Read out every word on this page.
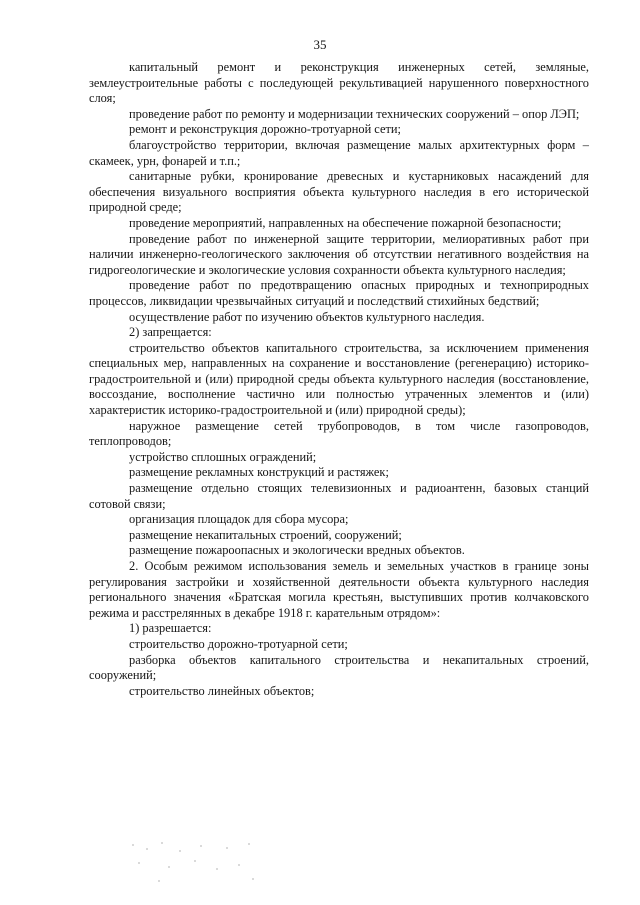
35

капитальный ремонт и реконструкция инженерных сетей, земляные, землеустроительные работы с последующей рекультивацией нарушенного поверхностного слоя;

проведение работ по ремонту и модернизации технических сооружений – опор ЛЭП;

ремонт и реконструкция дорожно-тротуарной сети;

благоустройство территории, включая размещение малых архитектурных форм – скамеек, урн, фонарей и т.п.;

санитарные рубки, кронирование древесных и кустарниковых насаждений для обеспечения визуального восприятия объекта культурного наследия в его исторической природной среде;

проведение мероприятий, направленных на обеспечение пожарной безопасности;

проведение работ по инженерной защите территории, мелиоративных работ при наличии инженерно-геологического заключения об отсутствии негативного воздействия на гидрогеологические и экологические условия сохранности объекта культурного наследия;

проведение работ по предотвращению опасных природных и техноприродных процессов, ликвидации чрезвычайных ситуаций и последствий стихийных бедствий;

осуществление работ по изучению объектов культурного наследия.

2) запрещается:

строительство объектов капитального строительства, за исключением применения специальных мер, направленных на сохранение и восстановление (регенерацию) историко-градостроительной и (или) природной среды объекта культурного наследия (восстановление, воссоздание, восполнение частично или полностью утраченных элементов и (или) характеристик историко-градостроительной и (или) природной среды);

наружное размещение сетей трубопроводов, в том числе газопроводов, теплопроводов;

устройство сплошных ограждений;

размещение рекламных конструкций и растяжек;

размещение отдельно стоящих телевизионных и радиоантенн, базовых станций сотовой связи;

организация площадок для сбора мусора;

размещение некапитальных строений, сооружений;

размещение пожароопасных и экологически вредных объектов.

2. Особым режимом использования земель и земельных участков в границе зоны регулирования застройки и хозяйственной деятельности объекта культурного наследия регионального значения «Братская могила крестьян, выступивших против колчаковского режима и расстрелянных в декабре 1918 г. карательным отрядом»:

1) разрешается:

строительство дорожно-тротуарной сети;

разборка объектов капитального строительства и некапитальных строений, сооружений;

строительство линейных объектов;
